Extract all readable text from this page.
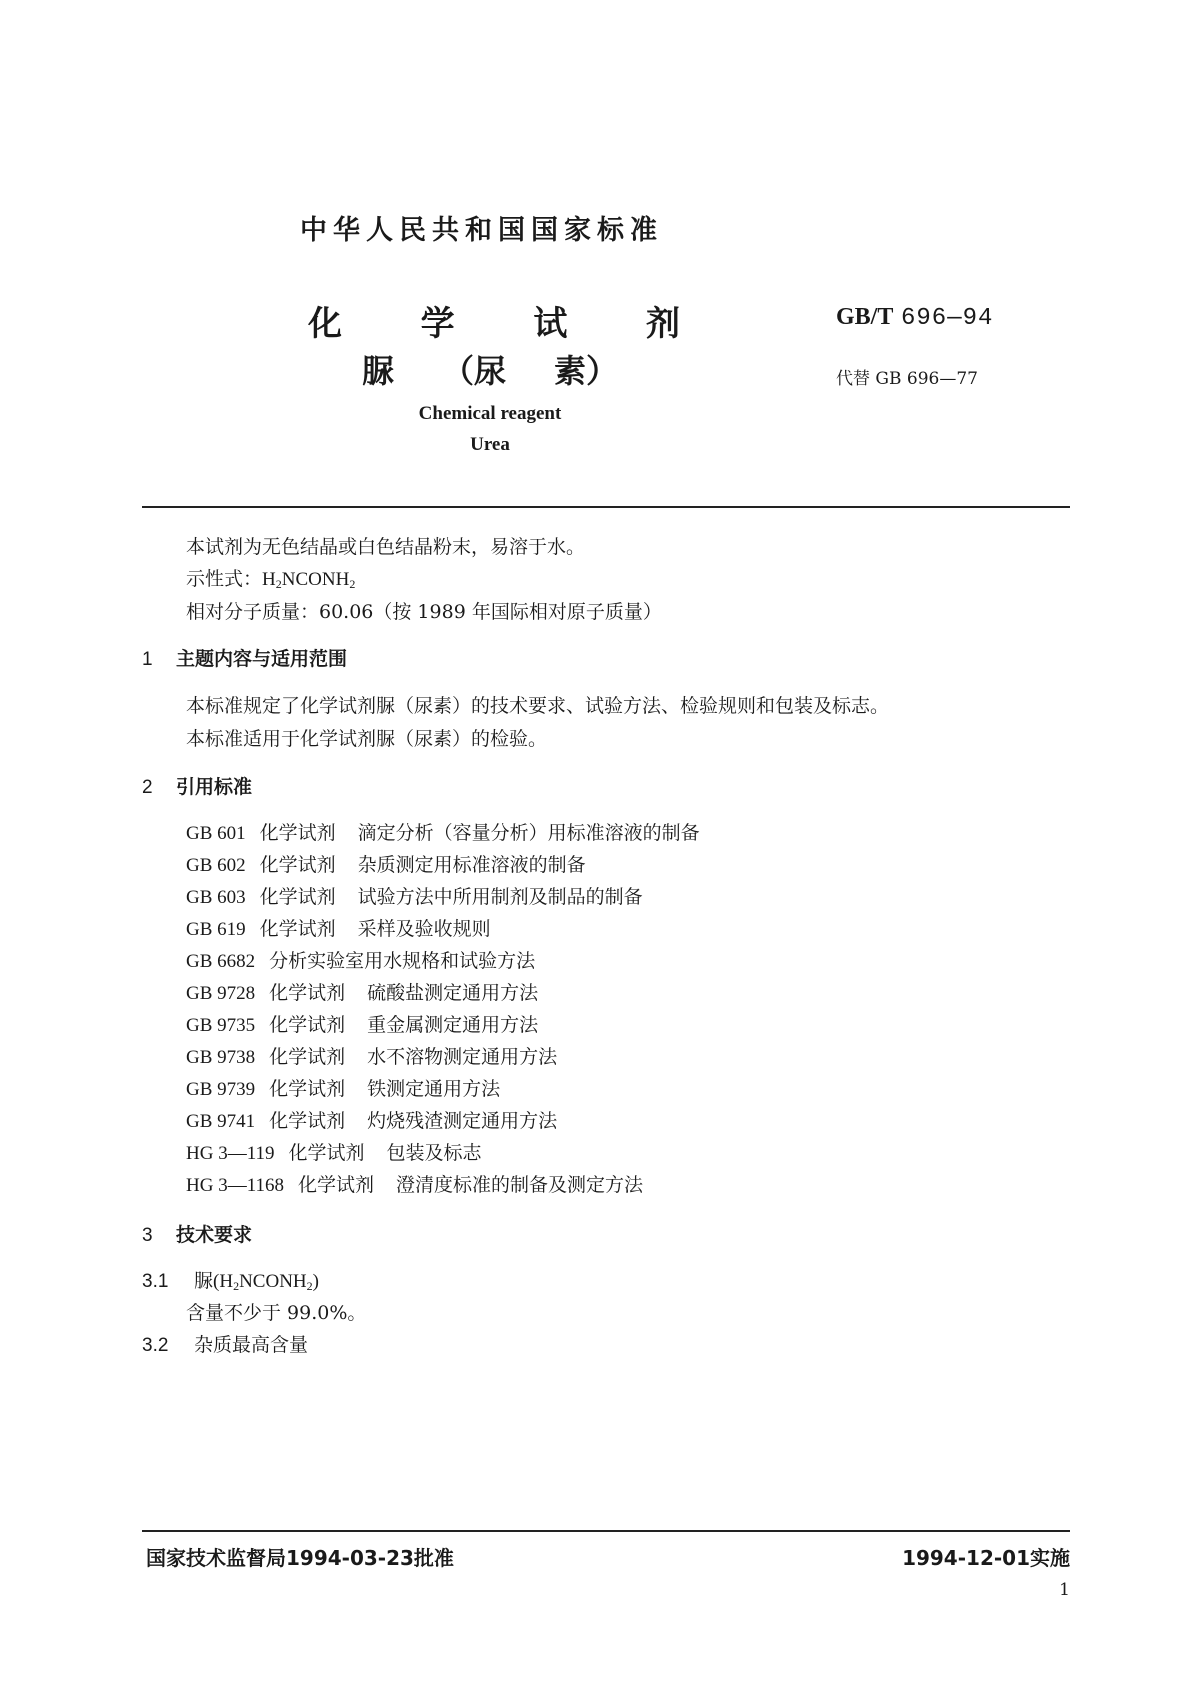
中华人民共和国国家标准
化 学 试 剂
脲 （尿 素）
GB/T 696—94
代替 GB 696—77
Chemical reagent
Urea
本试剂为无色结晶或白色结晶粉末，易溶于水。
示性式：$H_2NCONH_2$
相对分子质量：60.06（按 1989 年国际相对原子质量）
1 主题内容与适用范围
本标准规定了化学试剂脲（尿素）的技术要求、试验方法、检验规则和包装及标志。
本标准适用于化学试剂脲（尿素）的检验。
2 引用标准
GB 601 化学试剂 滴定分析（容量分析）用标准溶液的制备
GB 602 化学试剂 杂质测定用标准溶液的制备
GB 603 化学试剂 试验方法中所用制剂及制品的制备
GB 619 化学试剂 采样及验收规则
GB 6682 分析实验室用水规格和试验方法
GB 9728 化学试剂 硫酸盐测定通用方法
GB 9735 化学试剂 重金属测定通用方法
GB 9738 化学试剂 水不溶物测定通用方法
GB 9739 化学试剂 铁测定通用方法
GB 9741 化学试剂 灼烧残渣测定通用方法
HG 3—119 化学试剂 包装及标志
HG 3—1168 化学试剂 澄清度标准的制备及测定方法
3 技术要求
3.1 脲$(H_2NCONH_2)$
含量不少于 99.0%。
3.2 杂质最高含量
国家技术监督局1994-03-23批准	1994-12-01实施
1
